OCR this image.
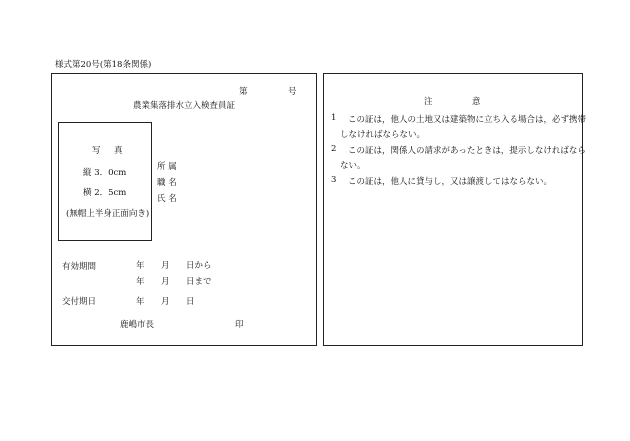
様式第20号(第18条関係)
第	号
農業集落排水立入検査員証
写 真
縦 3．0cm
横 2．5cm
(無帽上半身正面向き)
所 属
職 名
氏 名
有効期間	年 月 日から
年 月 日まで
交付期日	年 月 日
鹿嶋市長	印
注	意
1 この証は，他人の土地又は建築物に立ち入る場合は，必ず携帯
しなければならない。
2 この証は，関係人の請求があったときは，提示しなければなら
ない。
3 この証は，他人に貸与し，又は譲渡してはならない。
